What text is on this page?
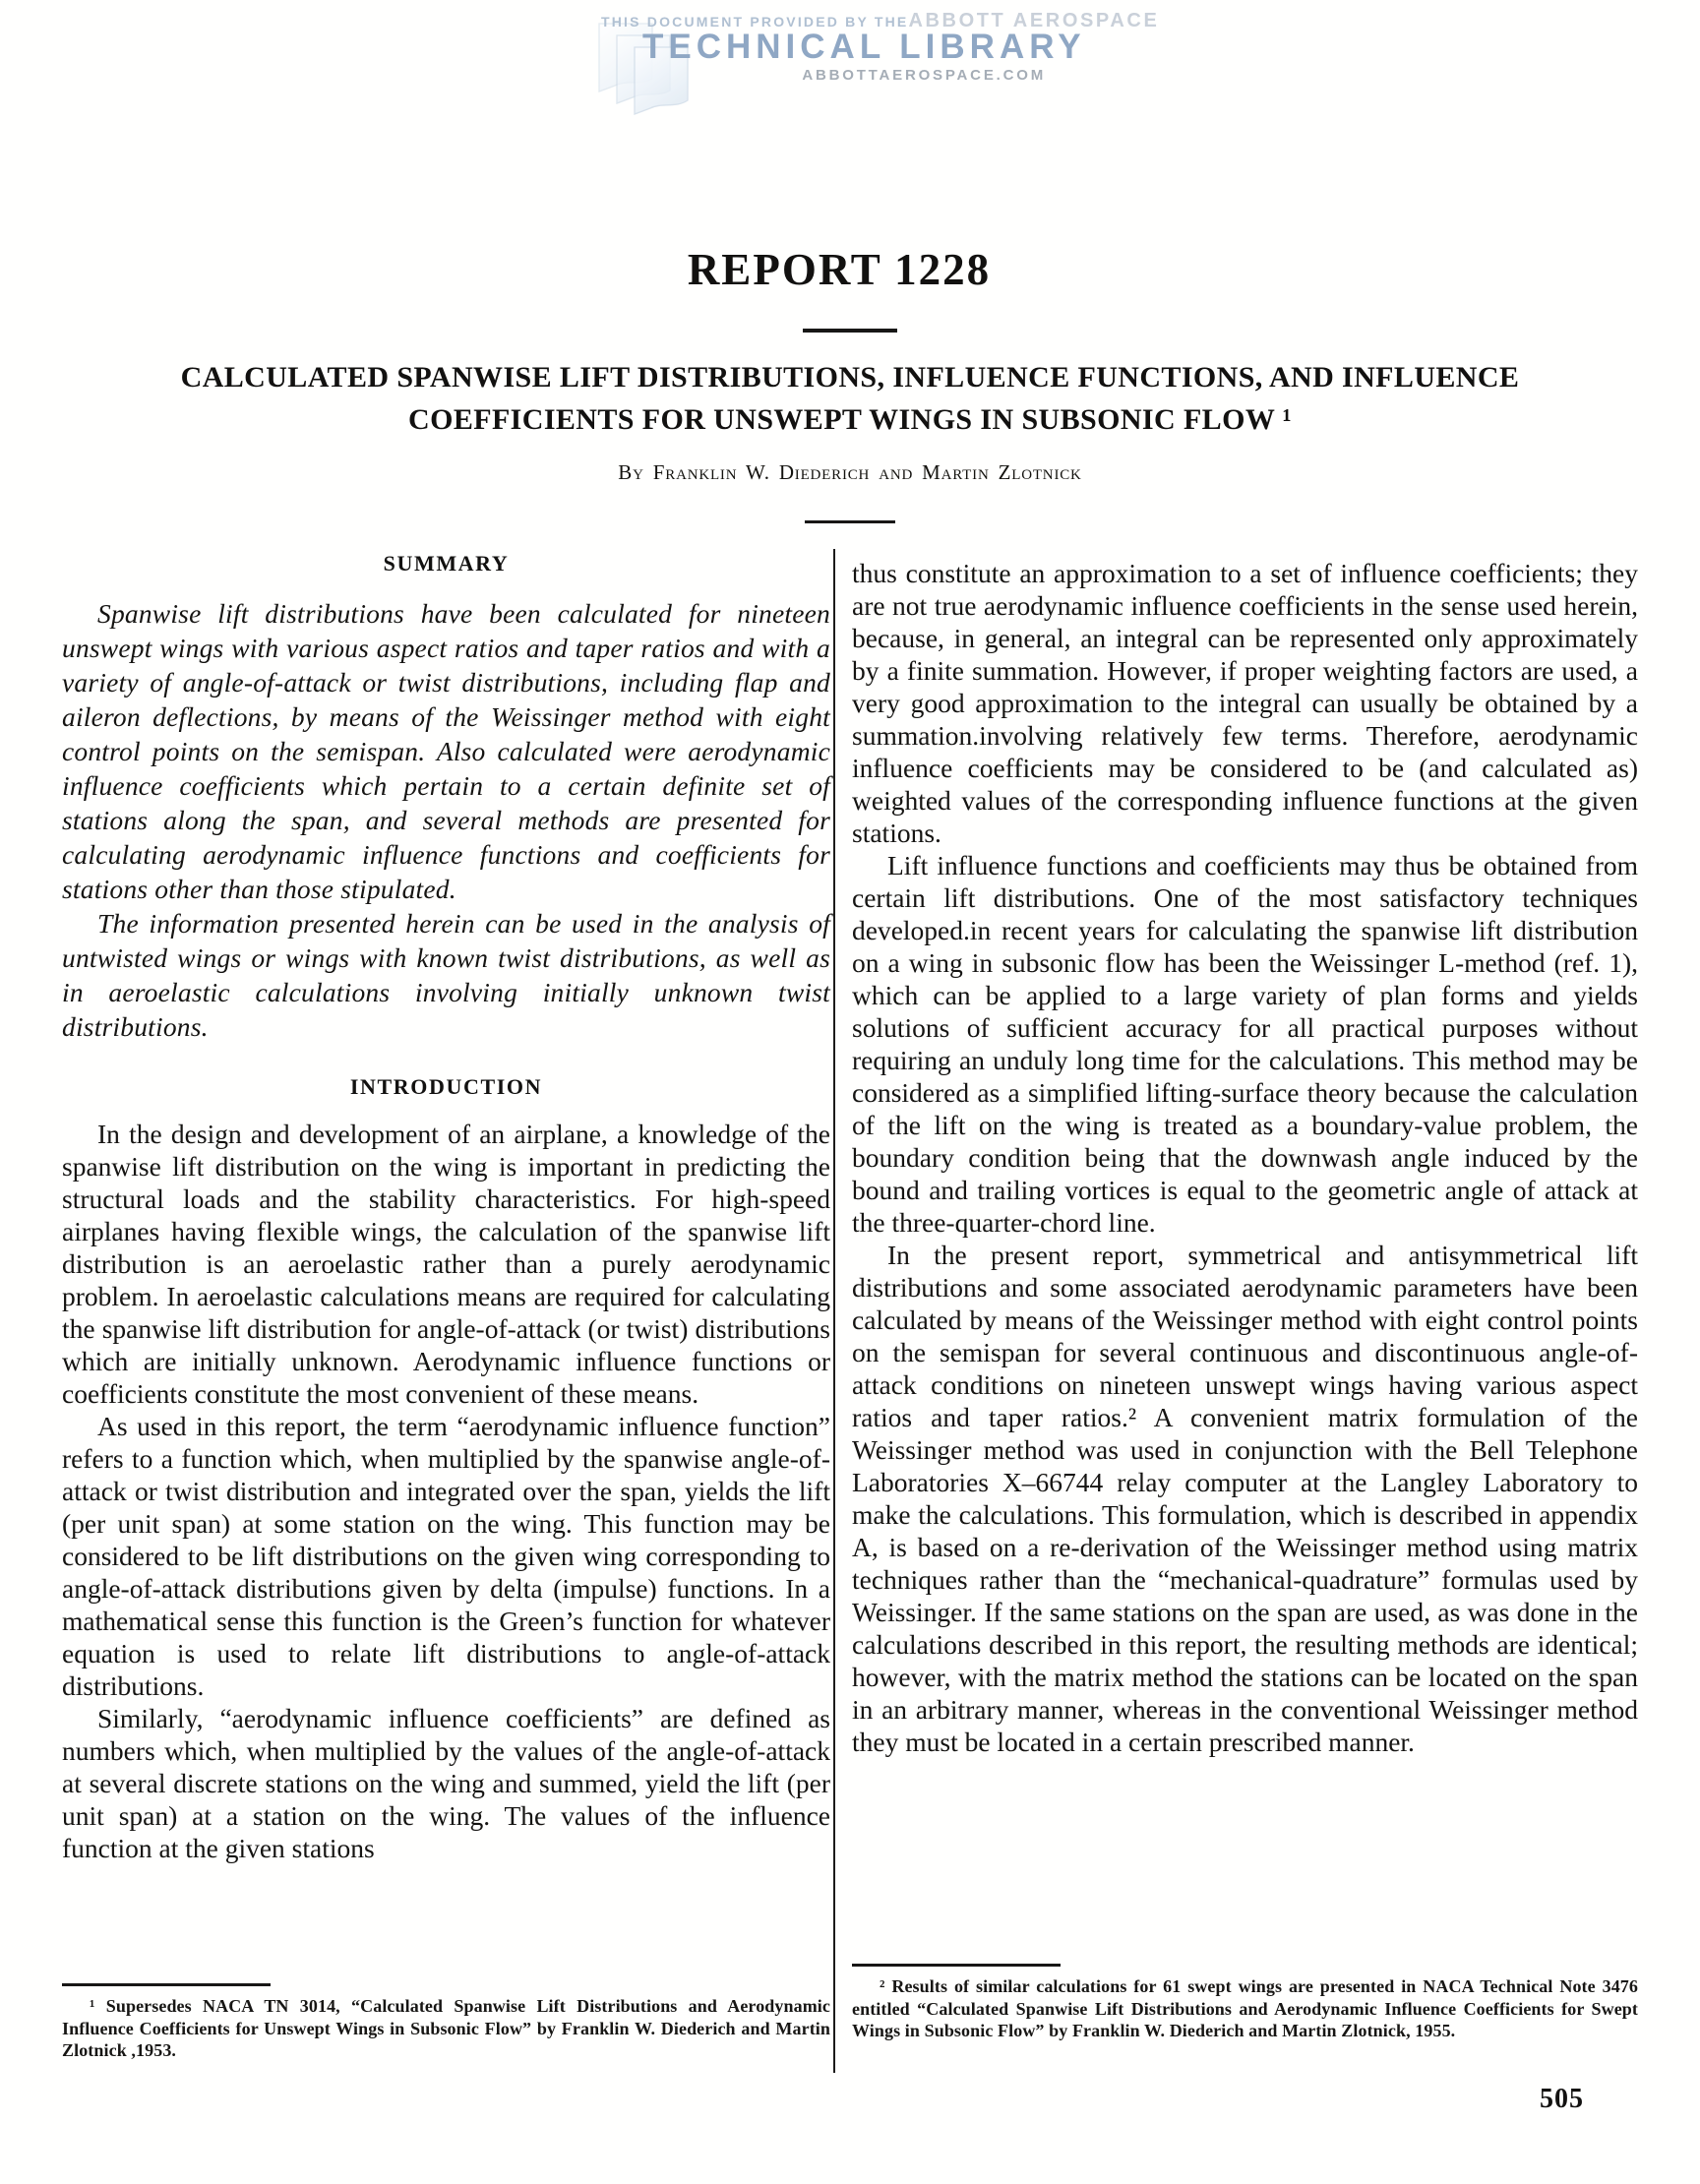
THIS DOCUMENT PROVIDED BY THE ABBOTT AEROSPACE
TECHNICAL LIBRARY
ABBOTTAEROSPACE.COM
REPORT 1228
CALCULATED SPANWISE LIFT DISTRIBUTIONS, INFLUENCE FUNCTIONS, AND INFLUENCE
COEFFICIENTS FOR UNSWEPT WINGS IN SUBSONIC FLOW ¹
By Franklin W. Diederich and Martin Zlotnick
SUMMARY

Spanwise lift distributions have been calculated for nineteen unswept wings with various aspect ratios and taper ratios and with a variety of angle-of-attack or twist distributions, including flap and aileron deflections, by means of the Weissinger method with eight control points on the semispan. Also calculated were aerodynamic influence coefficients which pertain to a certain definite set of stations along the span, and several methods are presented for calculating aerodynamic influence functions and coefficients for stations other than those stipulated.

The information presented herein can be used in the analysis of untwisted wings or wings with known twist distributions, as well as in aeroelastic calculations involving initially unknown twist distributions.

INTRODUCTION

In the design and development of an airplane, a knowledge of the spanwise lift distribution on the wing is important in predicting the structural loads and the stability characteristics. For high-speed airplanes having flexible wings, the calculation of the spanwise lift distribution is an aeroelastic rather than a purely aerodynamic problem. In aeroelastic calculations means are required for calculating the spanwise lift distribution for angle-of-attack (or twist) distributions which are initially unknown. Aerodynamic influence functions or coefficients constitute the most convenient of these means.

As used in this report, the term “aerodynamic influence function” refers to a function which, when multiplied by the spanwise angle-of-attack or twist distribution and integrated over the span, yields the lift (per unit span) at some station on the wing. This function may be considered to be lift distributions on the given wing corresponding to angle-of-attack distributions given by delta (impulse) functions. In a mathematical sense this function is the Green’s function for whatever equation is used to relate lift distributions to angle-of-attack distributions.

Similarly, “aerodynamic influence coefficients” are defined as numbers which, when multiplied by the values of the angle-of-attack at several discrete stations on the wing and summed, yield the lift (per unit span) at a station on the wing. The values of the influence function at the given stations

thus constitute an approximation to a set of influence coefficients; they are not true aerodynamic influence coefficients in the sense used herein, because, in general, an integral can be represented only approximately by a finite summation. However, if proper weighting factors are used, a very good approximation to the integral can usually be obtained by a summation.involving relatively few terms. Therefore, aerodynamic influence coefficients may be considered to be (and calculated as) weighted values of the corresponding influence functions at the given stations.

Lift influence functions and coefficients may thus be obtained from certain lift distributions. One of the most satisfactory techniques developed.in recent years for calculating the spanwise lift distribution on a wing in subsonic flow has been the Weissinger L-method (ref. 1), which can be applied to a large variety of plan forms and yields solutions of sufficient accuracy for all practical purposes without requiring an unduly long time for the calculations. This method may be considered as a simplified lifting-surface theory because the calculation of the lift on the wing is treated as a boundary-value problem, the boundary condition being that the downwash angle induced by the bound and trailing vortices is equal to the geometric angle of attack at the three-quarter-chord line.

In the present report, symmetrical and antisymmetrical lift distributions and some associated aerodynamic parameters have been calculated by means of the Weissinger method with eight control points on the semispan for several continuous and discontinuous angle-of-attack conditions on nineteen unswept wings having various aspect ratios and taper ratios.² A convenient matrix formulation of the Weissinger method was used in conjunction with the Bell Telephone Laboratories X–66744 relay computer at the Langley Laboratory to make the calculations. This formulation, which is described in appendix A, is based on a re-derivation of the Weissinger method using matrix techniques rather than the “mechanical-quadrature” formulas used by Weissinger. If the same stations on the span are used, as was done in the calculations described in this report, the resulting methods are identical; however, with the matrix method the stations can be located on the span in an arbitrary manner, whereas in the conventional Weissinger method they must be located in a certain prescribed manner.

¹ Supersedes NACA TN 3014, “Calculated Spanwise Lift Distributions and Aerodynamic Influence Coefficients for Unswept Wings in Subsonic Flow” by Franklin W. Diederich and Martin Zlotnick ,1953.

² Results of similar calculations for 61 swept wings are presented in NACA Technical Note 3476 entitled “Calculated Spanwise Lift Distributions and Aerodynamic Influence Coefficients for Swept Wings in Subsonic Flow” by Franklin W. Diederich and Martin Zlotnick, 1955.

505
